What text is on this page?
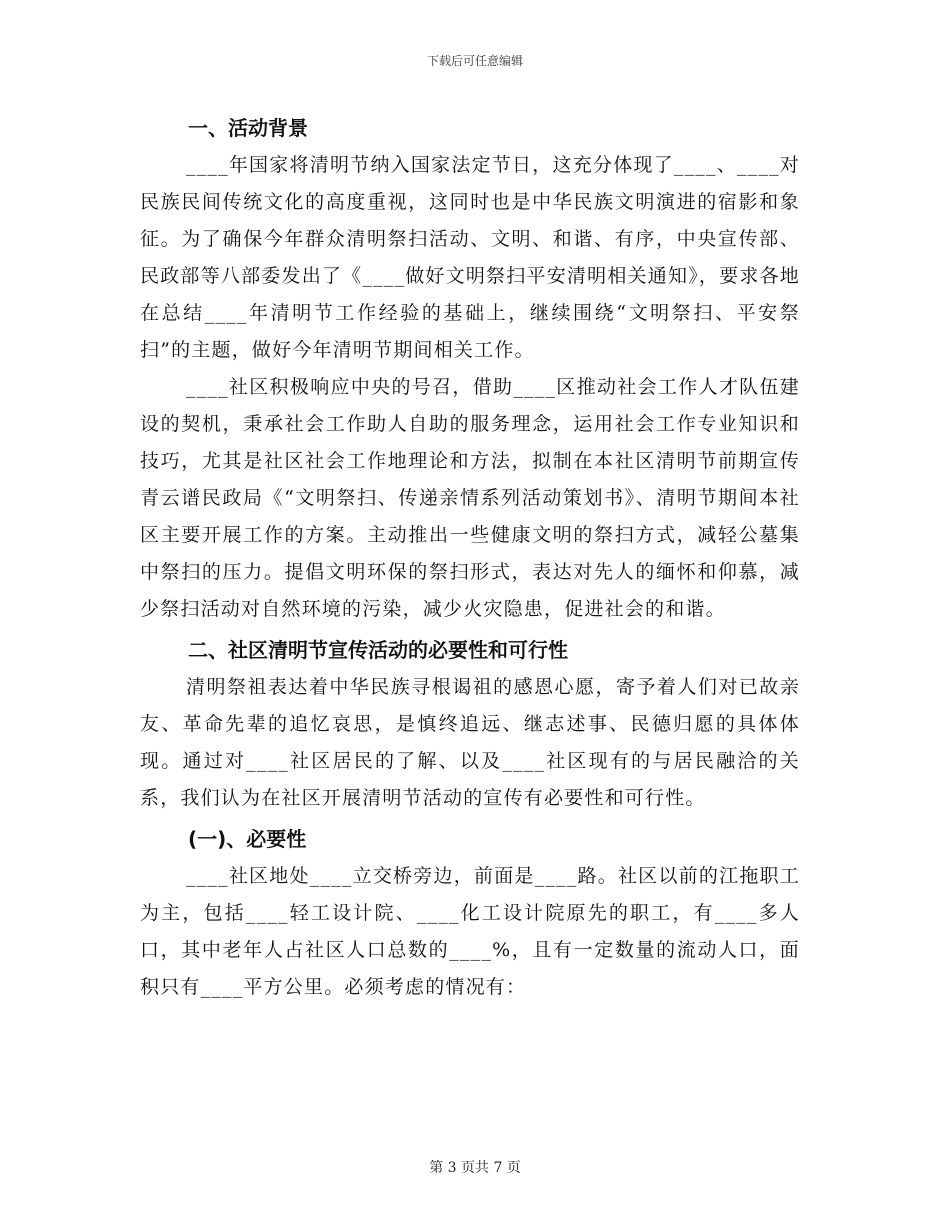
下载后可任意编辑
一、活动背景

____年国家将清明节纳入国家法定节日，这充分体现了____、____对民族民间传统文化的高度重视，这同时也是中华民族文明演进的宿影和象征。为了确保今年群众清明祭扫活动、文明、和谐、有序，中央宣传部、民政部等八部委发出了《____做好文明祭扫平安清明相关通知》，要求各地在总结____年清明节工作经验的基础上，继续围绕“文明祭扫、平安祭扫”的主题，做好今年清明节期间相关工作。

____社区积极响应中央的号召，借助____区推动社会工作人才队伍建设的契机，秉承社会工作助人自助的服务理念，运用社会工作专业知识和技巧，尤其是社区社会工作地理论和方法，拟制在本社区清明节前期宣传青云谱民政局《“文明祭扫、传递亲情系列活动策划书》、清明节期间本社区主要开展工作的方案。主动推出一些健康文明的祭扫方式，减轻公墓集中祭扫的压力。提倡文明环保的祭扫形式，表达对先人的缅怀和仰慕，减少祭扫活动对自然环境的污染，减少火灾隐患，促进社会的和谐。

二、社区清明节宣传活动的必要性和可行性

清明祭祖表达着中华民族寻根谒祖的感恩心愿，寄予着人们对已故亲友、革命先辈的追忆哀思，是慎终追远、继志述事、民德归愿的具体体现。通过对____社区居民的了解、以及____社区现有的与居民融洽的关系，我们认为在社区开展清明节活动的宣传有必要性和可行性。

(一)、必要性

____社区地处____立交桥旁边，前面是____路。社区以前的江拖职工为主，包括____轻工设计院、____化工设计院原先的职工，有____多人口，其中老年人占社区人口总数的____%，且有一定数量的流动人口，面积只有____平方公里。必须考虑的情况有：

第 3 页共 7 页
